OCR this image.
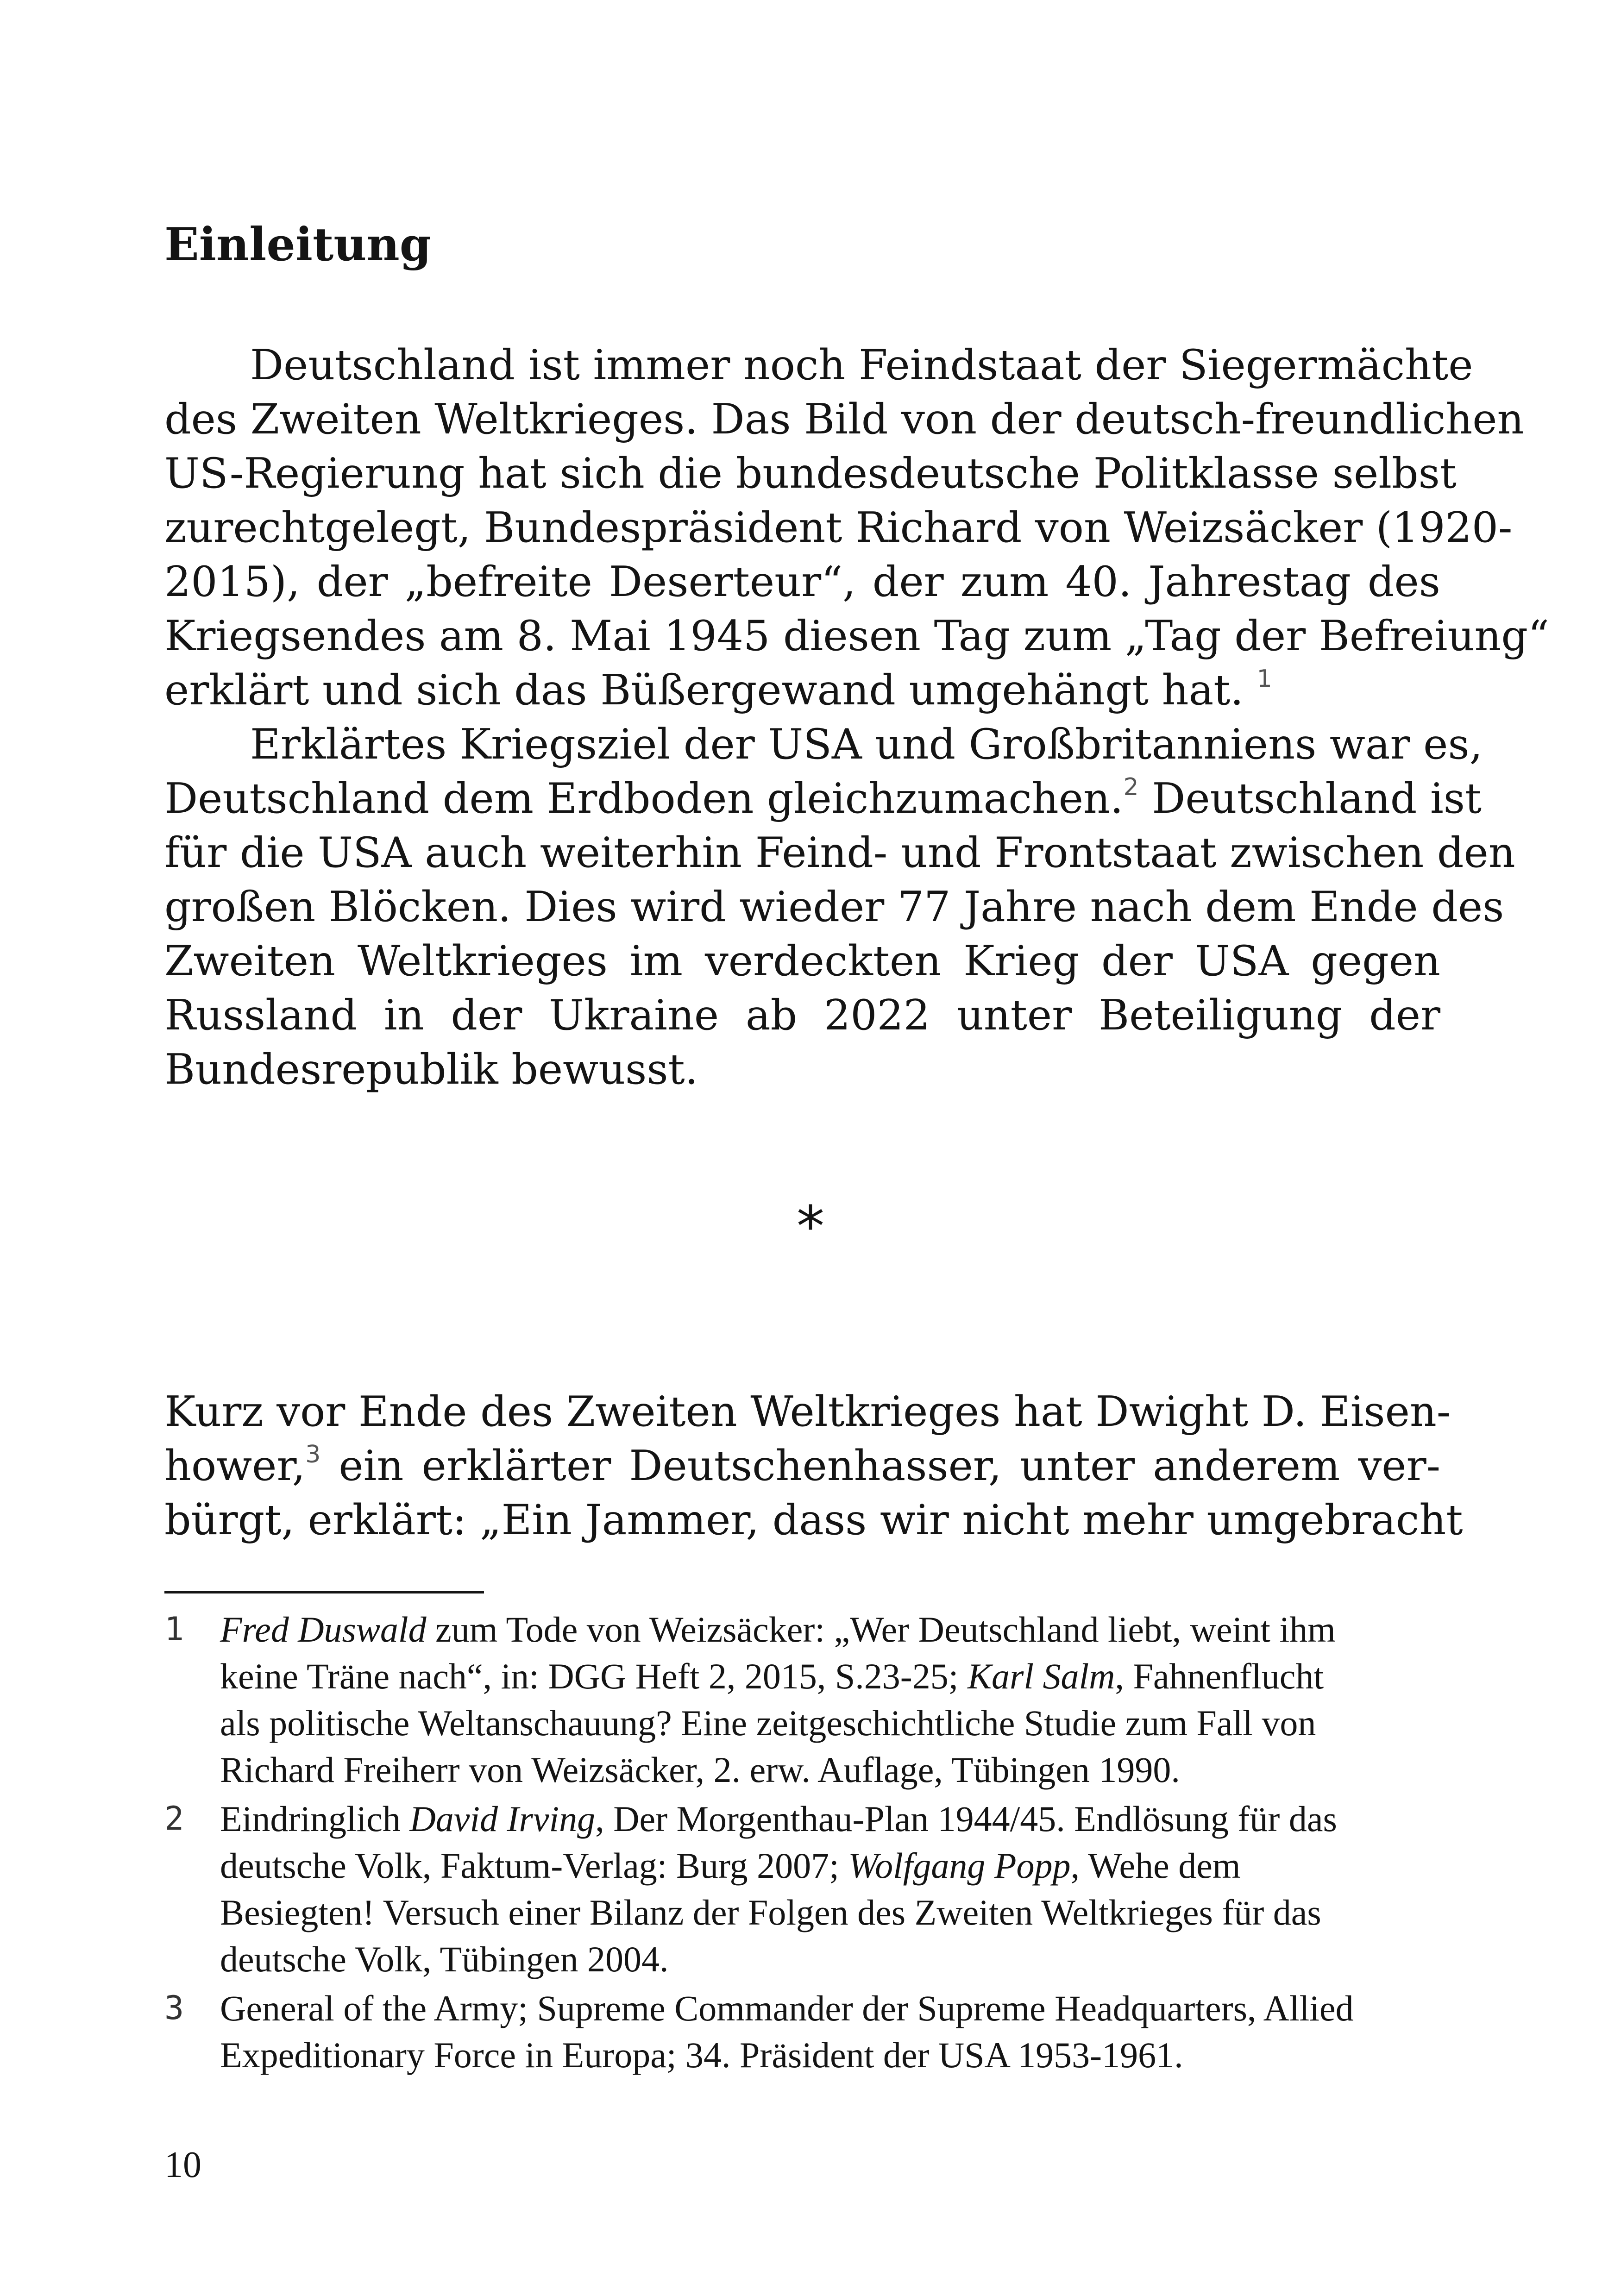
Einleitung
Deutschland ist immer noch Feindstaat der Siegermächte
des Zweiten Weltkrieges. Das Bild von der deutsch-freundlichen
US-Regierung hat sich die bundesdeutsche Politklasse selbst
zurechtgelegt, Bundespräsident Richard von Weizsäcker (1920-
2015), der „befreite Deserteur“, der zum 40. Jahrestag des
Kriegsendes am 8. Mai 1945 diesen Tag zum „Tag der Befreiung“
erklärt und sich das Büßergewand umgehängt hat. $^1$
Erklärtes Kriegsziel der USA und Großbritanniens war es,
Deutschland dem Erdboden gleichzumachen.$^2$ Deutschland ist
für die USA auch weiterhin Feind- und Frontstaat zwischen den
großen Blöcken. Dies wird wieder 77 Jahre nach dem Ende des
Zweiten Weltkrieges im verdeckten Krieg der USA gegen
Russland in der Ukraine ab 2022 unter Beteiligung der
Bundesrepublik bewusst.
*
Kurz vor Ende des Zweiten Weltkrieges hat Dwight D. Eisen-
hower,$^3$ ein erklärter Deutschenhasser, unter anderem ver-
bürgt, erklärt: „Ein Jammer, dass wir nicht mehr umgebracht
1 Fred Duswald zum Tode von Weizsäcker: „Wer Deutschland liebt, weint ihm
keine Träne nach“, in: DGG Heft 2, 2015, S.23-25; Karl Salm, Fahnenflucht
als politische Weltanschauung? Eine zeitgeschichtliche Studie zum Fall von
Richard Freiherr von Weizsäcker, 2. erw. Auflage, Tübingen 1990.
2 Eindringlich David Irving, Der Morgenthau-Plan 1944/45. Endlösung für das
deutsche Volk, Faktum-Verlag: Burg 2007; Wolfgang Popp, Wehe dem
Besiegten! Versuch einer Bilanz der Folgen des Zweiten Weltkrieges für das
deutsche Volk, Tübingen 2004.
3 General of the Army; Supreme Commander der Supreme Headquarters, Allied
Expeditionary Force in Europa; 34. Präsident der USA 1953-1961.
10
